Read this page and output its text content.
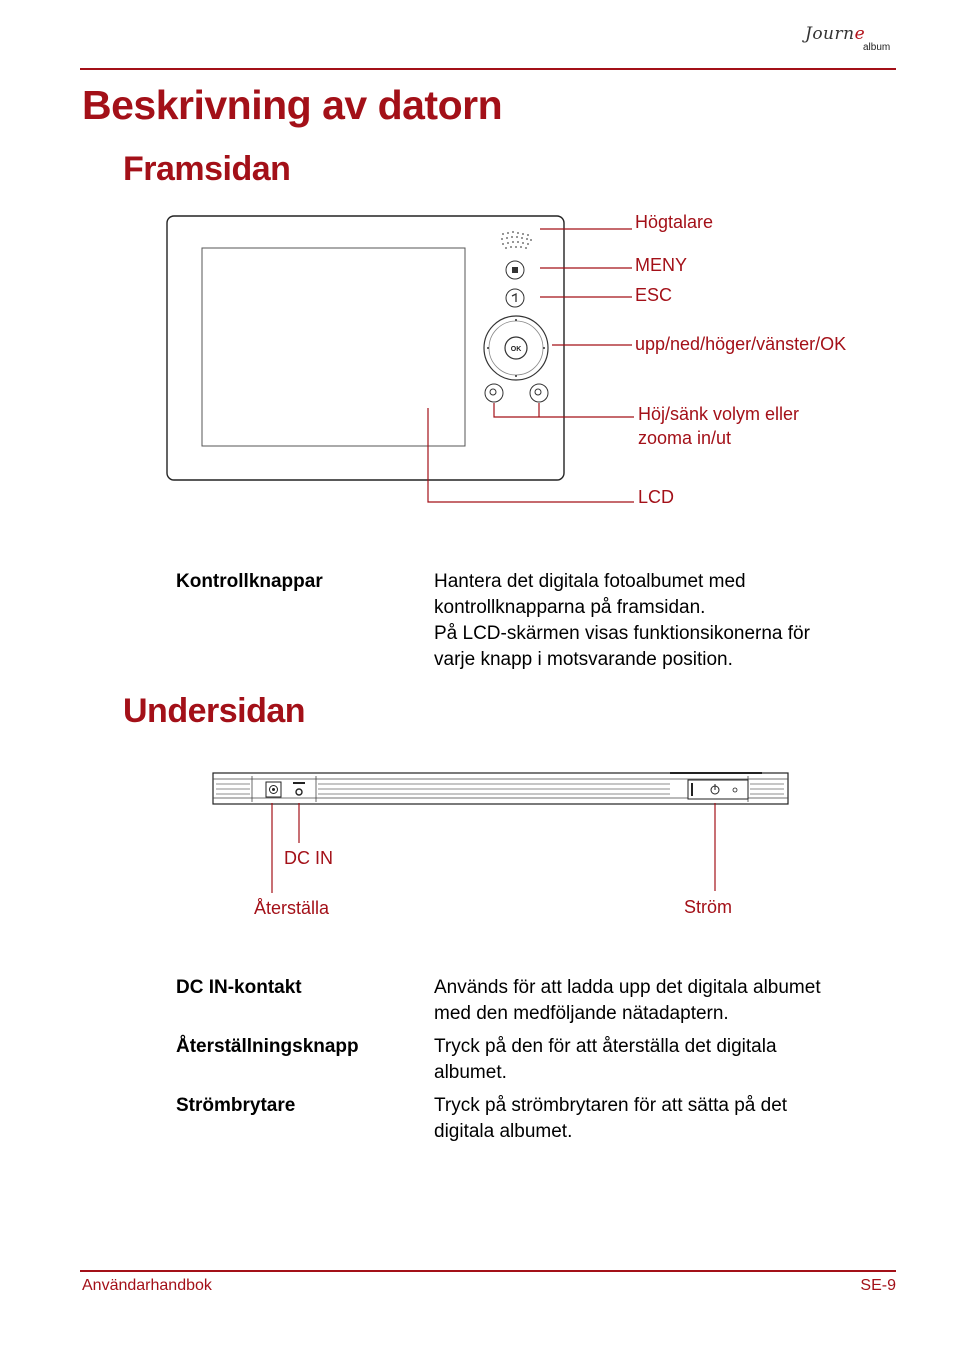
Journe
album
Beskrivning av datorn
Framsidan
OK
Högtalare
MENY
ESC
upp/ned/höger/vänster/OK
Höj/sänk volym eller
zooma in/ut
LCD
Kontrollknappar	Hantera det digitala fotoalbumet med
kontrollknapparna på framsidan.
På LCD-skärmen visas funktionsikonerna för
varje knapp i motsvarande position.
Undersidan
DC IN
Återställa	Ström
DC IN-kontakt	Används för att ladda upp det digitala albumet
med den medföljande nätadaptern.
Återställningsknapp	Tryck på den för att återställa det digitala
albumet.
Strömbrytare	Tryck på strömbrytaren för att sätta på det
digitala albumet.
Användarhandbok	SE-9
